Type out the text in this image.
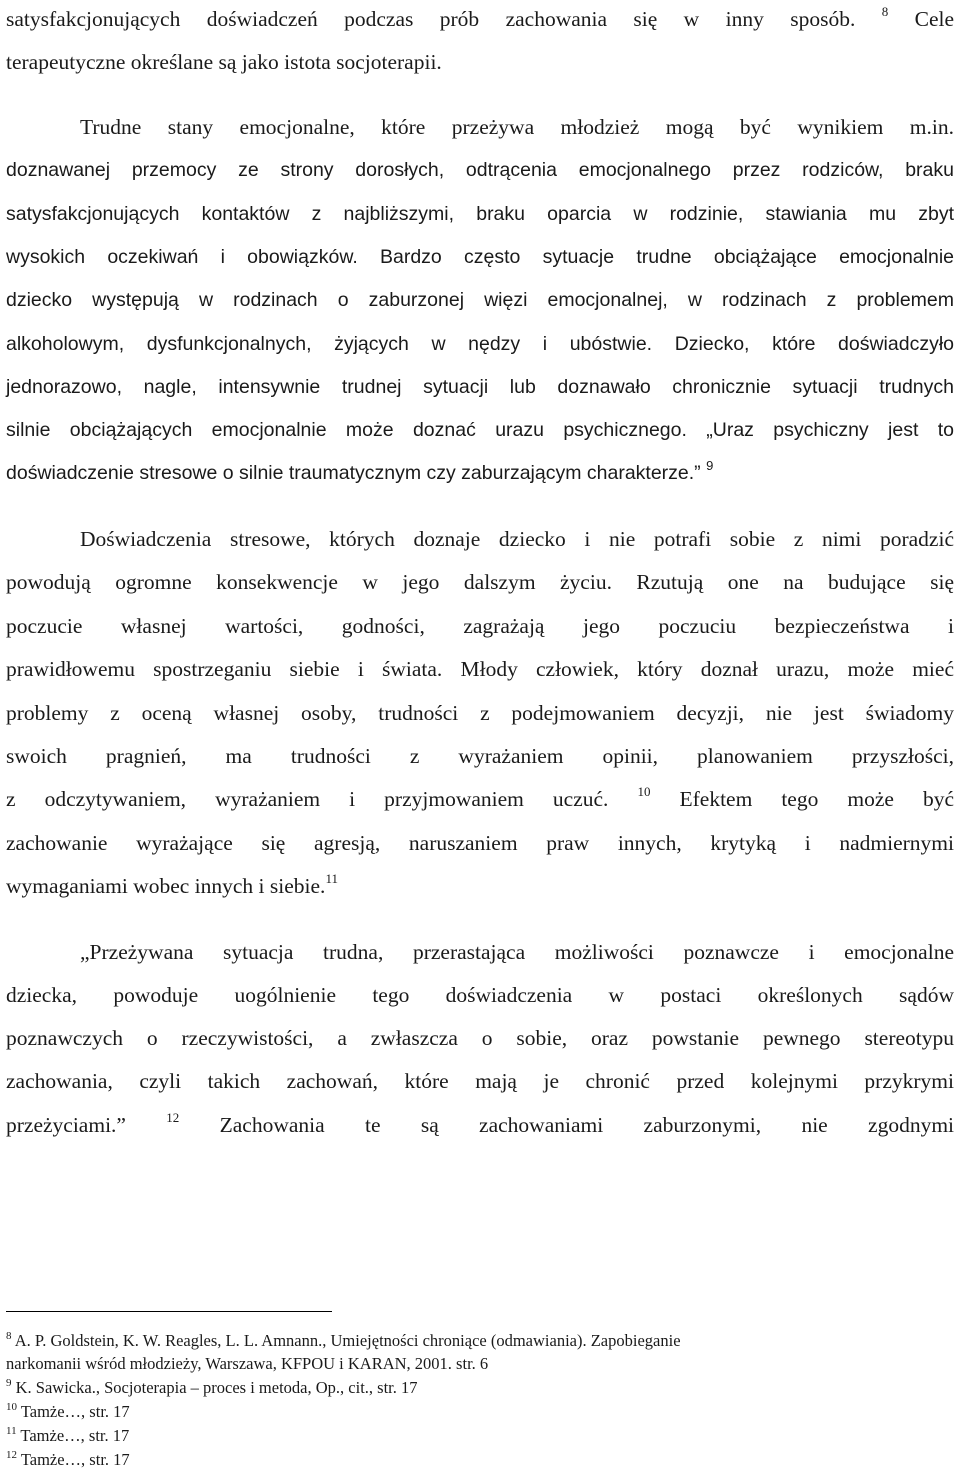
satysfakcjonujących doświadczeń podczas prób zachowania się w inny sposób. $^8$ Cele
terapeutyczne określane są jako istota socjoterapii.
Trudne stany emocjonalne, które przeżywa młodzież mogą być wynikiem m.in.
doznawanej przemocy ze strony dorosłych, odtrącenia emocjonalnego przez rodziców, braku
satysfakcjonujących kontaktów z najbliższymi, braku oparcia w rodzinie, stawiania mu zbyt
wysokich oczekiwań i obowiązków. Bardzo często sytuacje trudne obciążające emocjonalnie
dziecko występują w rodzinach o zaburzonej więzi emocjonalnej, w rodzinach z problemem
alkoholowym, dysfunkcjonalnych, żyjących w nędzy i ubóstwie. Dziecko, które doświadczyło
jednorazowo, nagle, intensywnie trudnej sytuacji lub doznawało chronicznie sytuacji trudnych
silnie obciążających emocjonalnie może doznać urazu psychicznego. „Uraz psychiczny jest to
doświadczenie stresowe o silnie traumatycznym czy zaburzającym charakterze.” $^9$
Doświadczenia stresowe, których doznaje dziecko i nie potrafi sobie z nimi poradzić
powodują ogromne konsekwencje w jego dalszym życiu. Rzutują one na budujące się
poczucie własnej wartości, godności, zagrażają jego poczuciu bezpieczeństwa i
prawidłowemu spostrzeganiu siebie i świata. Młody człowiek, który doznał urazu, może mieć
problemy z oceną własnej osoby, trudności z podejmowaniem decyzji, nie jest świadomy
swoich pragnień, ma trudności z wyrażaniem opinii, planowaniem przyszłości,
z odczytywaniem, wyrażaniem i przyjmowaniem uczuć. $^{10}$ Efektem tego może być
zachowanie wyrażające się agresją, naruszaniem praw innych, krytyką i nadmiernymi
wymaganiami wobec innych i siebie.$^{11}$
„Przeżywana sytuacja trudna, przerastająca możliwości poznawcze i emocjonalne
dziecka, powoduje uogólnienie tego doświadczenia w postaci określonych sądów
poznawczych o rzeczywistości, a zwłaszcza o sobie, oraz powstanie pewnego stereotypu
zachowania, czyli takich zachowań, które mają je chronić przed kolejnymi przykrymi
przeżyciami.”	$^{12}$ Zachowania te są zachowaniami zaburzonymi, nie zgodnymi
$^8$ A. P. Goldstein, K. W. Reagles, L. L. Amnann., Umiejętności chroniące (odmawiania). Zapobieganie
narkomanii wśród młodzieży, Warszawa, KFPOU i KARAN, 2001. str. 6
$^9$ K. Sawicka., Socjoterapia – proces i metoda, Op., cit., str. 17
$^{10}$ Tamże…, str. 17
$^{11}$ Tamże…, str. 17
$^{12}$ Tamże…, str. 17
